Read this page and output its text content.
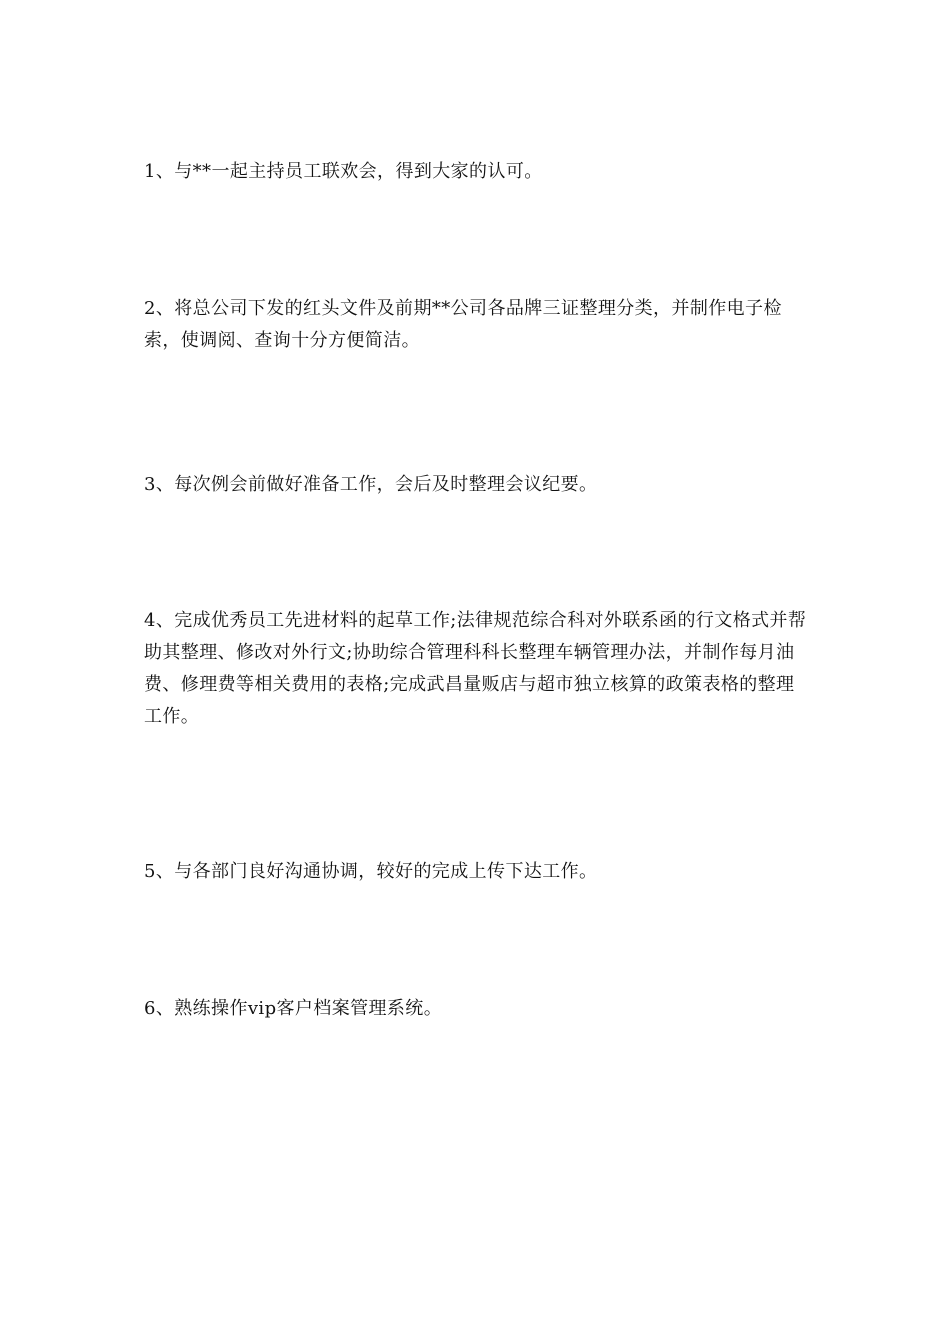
1、与**一起主持员工联欢会，得到大家的认可。

2、将总公司下发的红头文件及前期**公司各品牌三证整理分类，并制作电子检索，使调阅、查询十分方便简洁。

3、每次例会前做好准备工作，会后及时整理会议纪要。

4、完成优秀员工先进材料的起草工作;法律规范综合科对外联系函的行文格式并帮助其整理、修改对外行文;协助综合管理科科长整理车辆管理办法，并制作每月油费、修理费等相关费用的表格;完成武昌量贩店与超市独立核算的政策表格的整理工作。

5、与各部门良好沟通协调，较好的完成上传下达工作。

6、熟练操作vip客户档案管理系统。
